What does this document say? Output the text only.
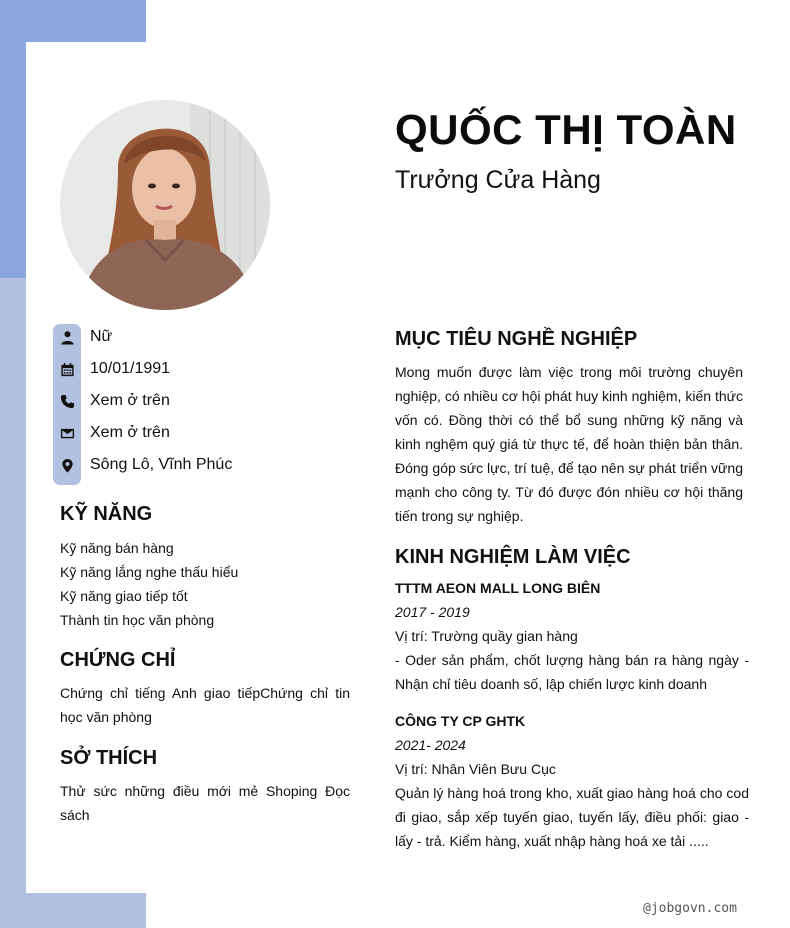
QUỐC THỊ TOÀN
Trưởng Cửa Hàng
Nữ
10/01/1991
Xem ở trên
Xem ở trên
Sông Lô, Vĩnh Phúc
KỸ NĂNG
Kỹ năng bán hàng
Kỹ năng lắng nghe thấu hiểu
Kỹ năng giao tiếp tốt
Thành tin học văn phòng
CHỨNG CHỈ
Chứng chỉ tiếng Anh giao tiếpChứng chỉ tin học văn phòng
SỞ THÍCH
Thử sức những điều mới mẻ Shoping Đọc sách
MỤC TIÊU NGHỀ NGHIỆP
Mong muốn được làm việc trong môi trường chuyên nghiệp, có nhiều cơ hội phát huy kinh nghiệm, kiến thức vốn có. Đồng thời có thể bổ sung những kỹ năng và kinh nghệm quý giá từ thực tế, để hoàn thiện bản thân. Đóng góp sức lực, trí tuệ, để tạo nên sự phát triển vững mạnh cho công ty. Từ đó được đón nhiều cơ hội thăng tiến trong sự nghiệp.
KINH NGHIỆM LÀM VIỆC
TTTM AEON MALL LONG BIÊN
2017 - 2019
Vị trí: Trường quầy gian hàng
- Oder sản phẩm, chốt lượng hàng bán ra hàng ngày - Nhận chỉ tiêu doanh số, lập chiến lược kinh doanh
CÔNG TY CP GHTK
2021- 2024
Vị trí: Nhân Viên Bưu Cục
Quản lý hàng hoá trong kho, xuất giao hàng hoá cho cod đi giao, sắp xếp tuyến giao, tuyến lấy, điều phối: giao - lấy - trả. Kiểm hàng, xuất nhập hàng hoá xe tải .....
@jobgovn.com
